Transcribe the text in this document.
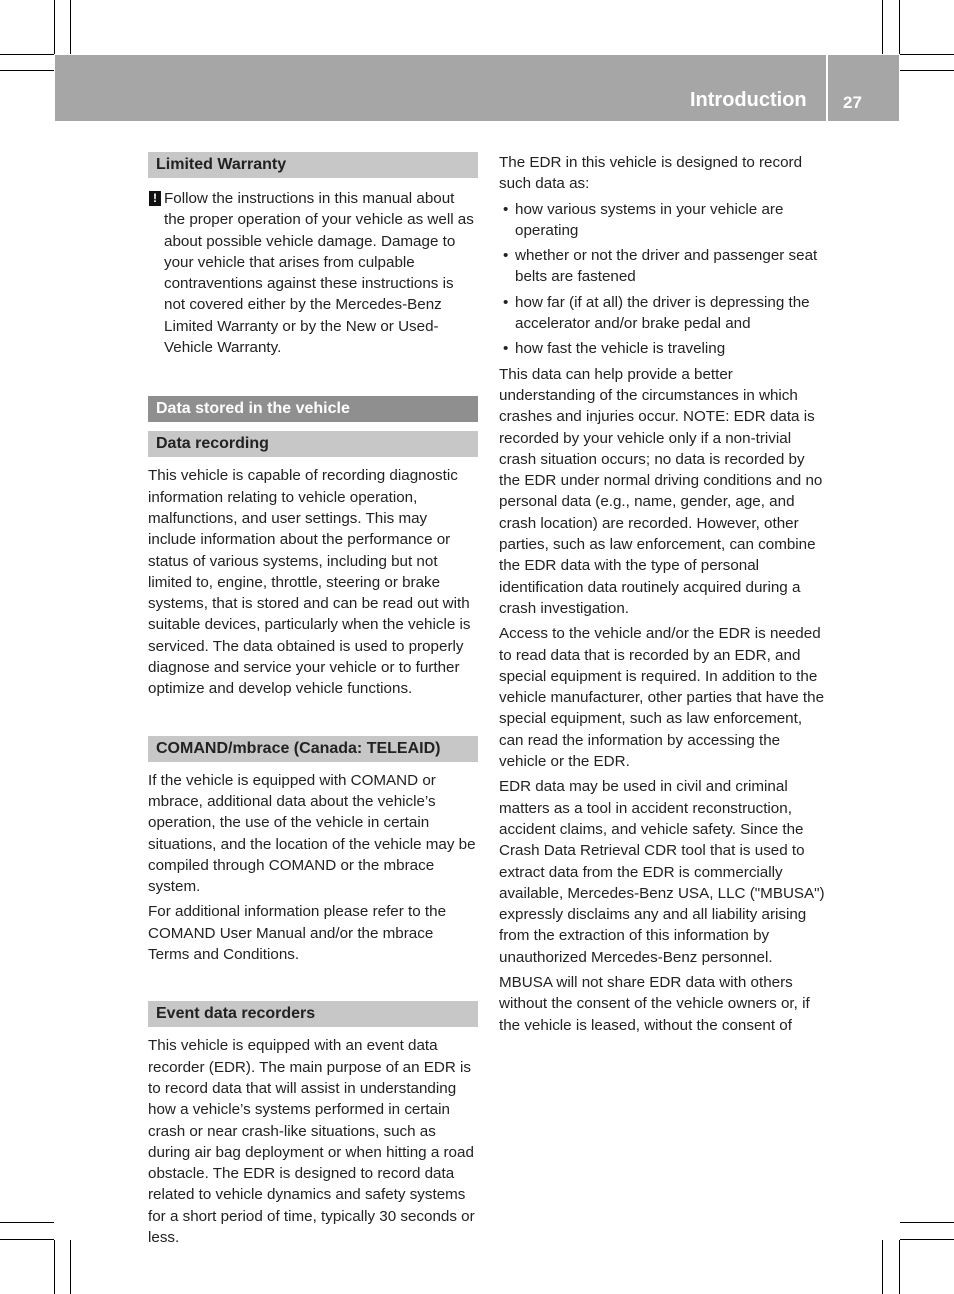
Introduction	27
Limited Warranty
! Follow the instructions in this manual about the proper operation of your vehicle as well as about possible vehicle damage. Damage to your vehicle that arises from culpable contraventions against these instructions is not covered either by the Mercedes-Benz Limited Warranty or by the New or Used-Vehicle Warranty.

Data stored in the vehicle
Data recording

This vehicle is capable of recording diagnostic information relating to vehicle operation, malfunctions, and user settings. This may include information about the performance or status of various systems, including but not limited to, engine, throttle, steering or brake systems, that is stored and can be read out with suitable devices, particularly when the vehicle is serviced. The data obtained is used to properly diagnose and service your vehicle or to further optimize and develop vehicle functions.

COMAND/mbrace (Canada: TELEAID)

If the vehicle is equipped with COMAND or mbrace, additional data about the vehicle’s operation, the use of the vehicle in certain situations, and the location of the vehicle may be compiled through COMAND or the mbrace system.

For additional information please refer to the COMAND User Manual and/or the mbrace Terms and Conditions.

Event data recorders

This vehicle is equipped with an event data recorder (EDR). The main purpose of an EDR is to record data that will assist in understanding how a vehicle’s systems performed in certain crash or near crash-like situations, such as during air bag deployment or when hitting a road obstacle. The EDR is designed to record data related to vehicle dynamics and safety systems for a short period of time, typically 30 seconds or less.

The EDR in this vehicle is designed to record such data as:

• how various systems in your vehicle are operating
• whether or not the driver and passenger seat belts are fastened
• how far (if at all) the driver is depressing the accelerator and/or brake pedal and
• how fast the vehicle is traveling

This data can help provide a better understanding of the circumstances in which crashes and injuries occur. NOTE: EDR data is recorded by your vehicle only if a non-trivial crash situation occurs; no data is recorded by the EDR under normal driving conditions and no personal data (e.g., name, gender, age, and crash location) are recorded. However, other parties, such as law enforcement, can combine the EDR data with the type of personal identification data routinely acquired during a crash investigation.

Access to the vehicle and/or the EDR is needed to read data that is recorded by an EDR, and special equipment is required. In addition to the vehicle manufacturer, other parties that have the special equipment, such as law enforcement, can read the information by accessing the vehicle or the EDR.

EDR data may be used in civil and criminal matters as a tool in accident reconstruction, accident claims, and vehicle safety. Since the Crash Data Retrieval CDR tool that is used to extract data from the EDR is commercially available, Mercedes-Benz USA, LLC ("MBUSA") expressly disclaims any and all liability arising from the extraction of this information by unauthorized Mercedes-Benz personnel.

MBUSA will not share EDR data with others without the consent of the vehicle owners or, if the vehicle is leased, without the consent of
